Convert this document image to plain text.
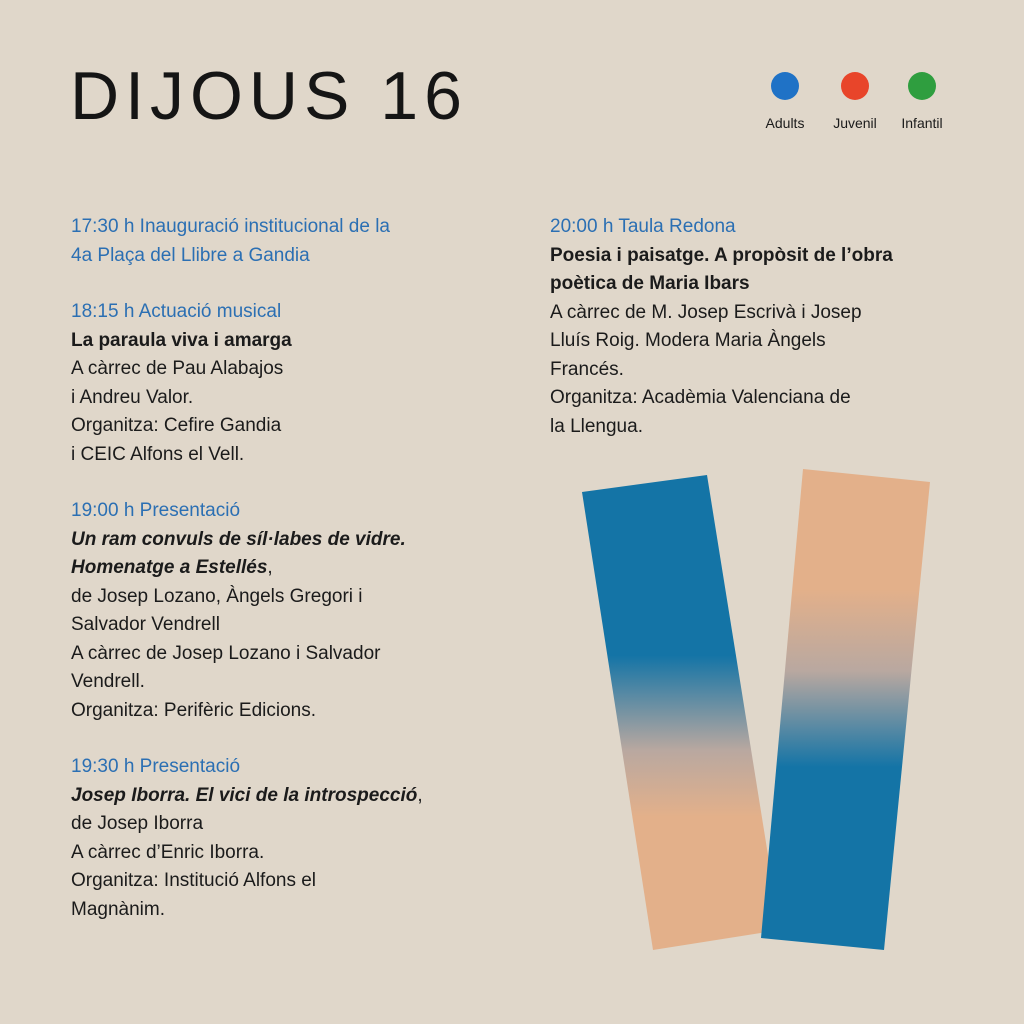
DIJOUS 16	Adults	Juvenil	Infantil

17:30 h Inauguració institucional de la

4a Plaça del Llibre a Gandia

18:15 h Actuació musical

La paraula viva i amarga

A càrrec de Pau Alabajos

i Andreu Valor.

Organitza: Cefire Gandia

i CEIC Alfons el Vell.

19:00 h Presentació

Un ram convuls de síl·labes de vidre.

Homenatge a Estellés,

de Josep Lozano, Àngels Gregori i

Salvador Vendrell

A càrrec de Josep Lozano i Salvador

Vendrell.

Organitza: Perifèric Edicions.

19:30 h Presentació

Josep Iborra. El vici de la introspecció,

de Josep Iborra

A càrrec d’Enric Iborra.

Organitza: Institució Alfons el

Magnànim.

20:00 h Taula Redona

Poesia i paisatge. A propòsit de l’obra

poètica de Maria Ibars

A càrrec de M. Josep Escrivà i Josep

Lluís Roig. Modera Maria Àngels

Francés.

Organitza: Acadèmia Valenciana de

la Llengua.
